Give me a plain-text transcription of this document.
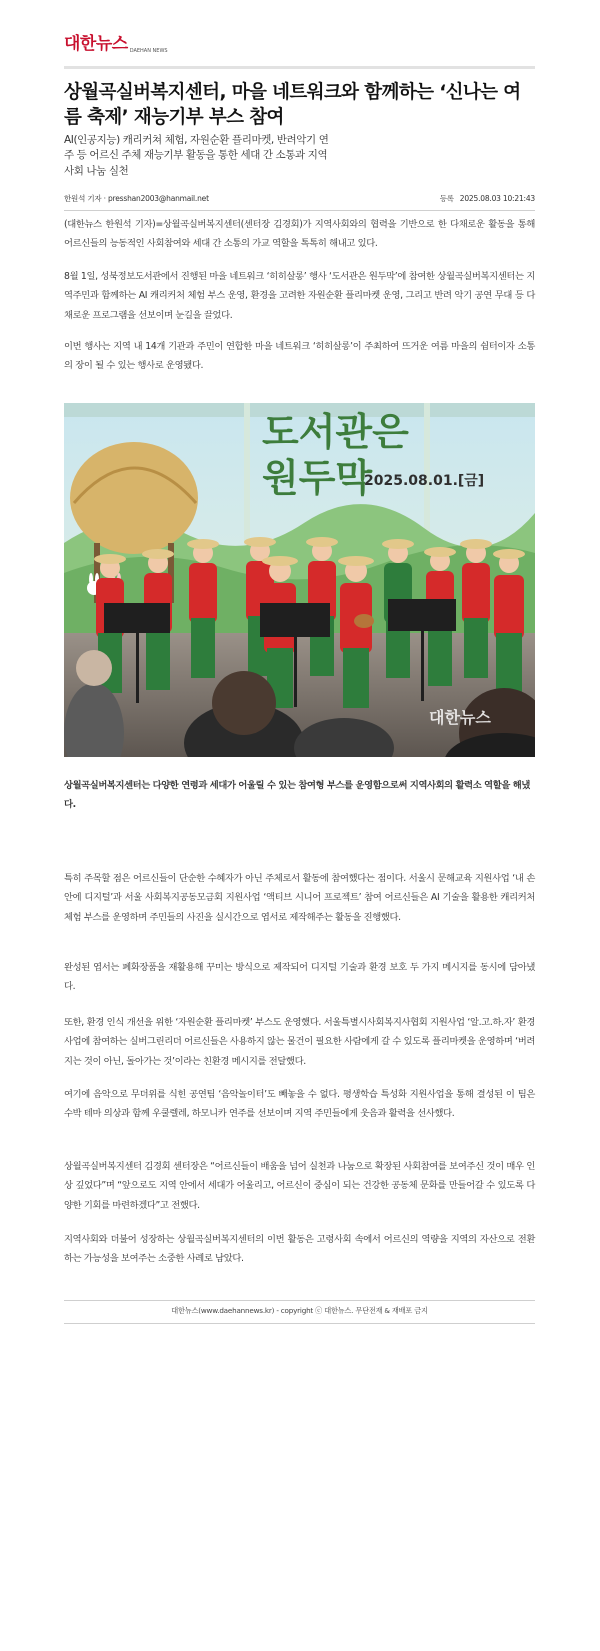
대한뉴스 DAEHAN NEWS
상월곡실버복지센터, 마을 네트워크와 함께하는 ‘신나는 여름 축제’ 재능기부 부스 참여

AI(인공지능) 캐리커쳐 체험, 자원순환 플리마켓, 반려악기 연주 등 어르신 주체 재능기부 활동을 통한 세대 간 소통과 지역사회 나눔 실천

한원석 기자 · presshan2003@hanmail.net	등록 2025.08.03 10:21:43

(대한뉴스 한원석 기자)=상월곡실버복지센터(센터장 김경회)가 지역사회와의 협력을 기반으로 한 다채로운 활동을 통해 어르신들의 능동적인 사회참여와 세대 간 소통의 가교 역할을 톡톡히 해내고 있다.

8월 1일, 성북정보도서관에서 진행된 마을 네트워크 ‘히히살롱’ 행사 ‘도서관은 원두막’에 참여한 상월곡실버복지센터는 지역주민과 함께하는 AI 캐리커처 체험 부스 운영, 환경을 고려한 자원순환 플리마켓 운영, 그리고 반려 악기 공연 무대 등 다채로운 프로그램을 선보이며 눈길을 끌었다.

이번 행사는 지역 내 14개 기관과 주민이 연합한 마을 네트워크 ‘히히살롱’이 주최하여 뜨거운 여름 마을의 쉼터이자 소통의 장이 될 수 있는 행사로 운영됐다.

도서관은
원두막
2025.08.01.[금]
대한뉴스

상월곡실버복지센터는 다양한 연령과 세대가 어울릴 수 있는 참여형 부스를 운영함으로써 지역사회의 활력소 역할을 해냈다.

특히 주목할 점은 어르신들이 단순한 수혜자가 아닌 주체로서 활동에 참여했다는 점이다. 서울시 문해교육 지원사업 ‘내 손안에 디지털’과 서울 사회복지공동모금회 지원사업 ‘액티브 시니어 프로젝트’ 참여 어르신들은 AI 기술을 활용한 캐리커처 체험 부스를 운영하며 주민들의 사진을 실시간으로 엽서로 제작해주는 활동을 진행했다.

완성된 엽서는 폐화장품을 재활용해 꾸미는 방식으로 제작되어 디지털 기술과 환경 보호 두 가지 메시지를 동시에 담아냈다.

또한, 환경 인식 개선을 위한 ‘자원순환 플리마켓’ 부스도 운영했다. 서울특별시사회복지사협회 지원사업 ‘알.고.하.자’ 환경사업에 참여하는 실버그린리더 어르신들은 사용하지 않는 물건이 필요한 사람에게 갈 수 있도록 플리마켓을 운영하며 ‘버려지는 것이 아닌, 돌아가는 것’이라는 친환경 메시지를 전달했다.

여기에 음악으로 무더위를 식힌 공연팀 ‘음악놀이터’도 빼놓을 수 없다. 평생학습 특성화 지원사업을 통해 결성된 이 팀은 수박 테마 의상과 함께 우쿨렐레, 하모니카 연주를 선보이며 지역 주민들에게 웃음과 활력을 선사했다.

상월곡실버복지센터 김경회 센터장은 “어르신들이 배움을 넘어 실천과 나눔으로 확장된 사회참여를 보여주신 것이 매우 인상 깊었다”며 “앞으로도 지역 안에서 세대가 어울리고, 어르신이 중심이 되는 건강한 공동체 문화를 만들어갈 수 있도록 다양한 기회를 마련하겠다”고 전했다.

지역사회와 더불어 성장하는 상월곡실버복지센터의 이번 활동은 고령사회 속에서 어르신의 역량을 지역의 자산으로 전환하는 가능성을 보여주는 소중한 사례로 남았다.

대한뉴스(www.daehannews.kr) - copyright ⓒ 대한뉴스. 무단전재 & 재배포 금지
